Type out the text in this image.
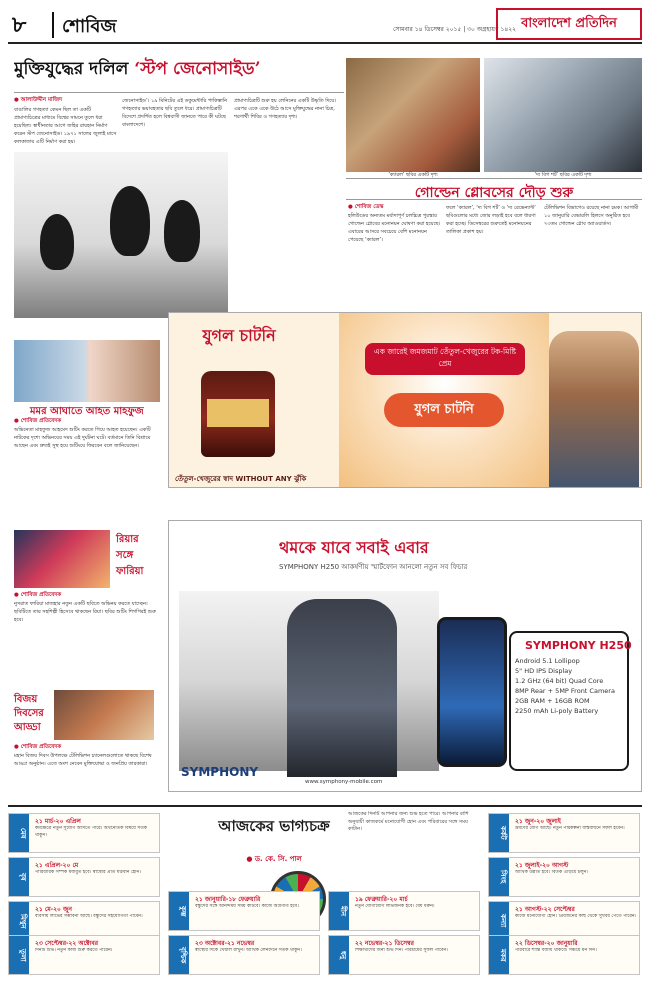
৮ শোবিজ	সোমবার ১৪ ডিসেম্বর ২০১৫ | ৩০ অগ্রহায়ণ ১৪২২ বাংলাদেশ প্রতিদিন
মুক্তিযুদ্ধের দলিল ‘স্টপ জেনোসাইড’
● আলাউদ্দীন মাজিদ
বাঙালির গণহত্যা কেমন ছিল তা একটি প্রামাণ্যচিত্রের মাধ্যমে বিশ্বের সামনে তুলে ধরা হয়েছিল। স্বাধীনতার আগে জহির রায়হান নির্মাণ করেন স্টপ জেনোসাইড। ১৯৭১ সালের জুলাই মাসে কলকাতায় এটি নির্মাণ করা হয়।
জেনোসাইড’। ১৯ মিনিটের এই ডকুমেন্টারি পাকিস্তানি গণহত্যার ভয়াবহতার ছবি তুলে ধরে। প্রামাণ্যচিত্রটি বিদেশে প্রদর্শিত হলে বিশ্ববাসী জানতে পারে কী ঘটছে বাংলাদেশে।
প্রামাণ্যচিত্রটি শুরু হয় লেনিনের একটি উদ্ধৃতি দিয়ে। এরপর একে একে উঠে আসে মুক্তিযুদ্ধের নানা চিত্র, শরণার্থী শিবির ও গণহত্যার দৃশ্য।
‘ক্যারল’ ছবির একটি দৃশ্য	‘দ্য বিগ শর্ট’ ছবির একটি দৃশ্য
গোল্ডেন গ্লোবসের দৌড় শুরু
● শোবিজ ডেস্ক
হলিউডের অন্যতম মর্যাদাপূর্ণ চলচ্চিত্র পুরস্কার গোল্ডেন গ্লোবের মনোনয়ন ঘোষণা করা হয়েছে। এবারের আসরে সবচেয়ে বেশি মনোনয়ন পেয়েছে ‘ক্যারল’।
ফলে ‘ক্যারল’, ‘দ্য বিগ শর্ট’ ও ‘দ্য রেভেন্যান্ট’ ছবিগুলোর মধ্যে জোর লড়াই হবে বলে ধারণা করা হচ্ছে। ডিসেম্বরের শুরুতেই মনোনয়নের তালিকা প্রকাশ হয়।
টেলিভিশন বিভাগেও রয়েছে নানা চমক। আগামী ১০ জানুয়ারি বেভারলি হিলসে অনুষ্ঠিত হবে ৭৩তম গোল্ডেন গ্লোব অ্যাওয়ার্ডস।
মমর আঘাতে আহত মাহফুজ
● শোবিজ প্রতিবেদক
অভিনেতা মাহফুজ আহমেদ শুটিং করতে গিয়ে আহত হয়েছেন। একটি নাটকের দৃশ্যে অভিনয়ের সময় এই দুর্ঘটনা ঘটে। বর্তমানে তিনি বিশ্রামে আছেন এবং দ্রুতই সুস্থ হয়ে শুটিংয়ে ফিরবেন বলে জানিয়েছেন।
রিয়ার
সঙ্গে
ফারিয়া
● শোবিজ প্রতিবেদক
নুসরাত ফারিয়া মাজহার নতুন একটি ছবিতে অভিনয় করতে যাচ্ছেন। ছবিটিতে তার সহশিল্পী হিসেবে থাকছেন রিয়া। ছবির শুটিং শিগগিরই শুরু হবে।
বিজয়
দিবসের
আড্ডা
● শোবিজ প্রতিবেদক
মহান বিজয় দিবস উপলক্ষে টেলিভিশন চ্যানেলগুলোতে থাকছে বিশেষ আড্ডা অনুষ্ঠান। এতে অংশ নেবেন মুক্তিযোদ্ধা ও জনপ্রিয় তারকারা।
যুগল চাটনি
এক জারেই জমজমাট তেঁতুল-খেজুরের টক-মিষ্টি প্রেম
যুগল চাটনি
তেঁতুল-খেজুরের স্বাদ WITHOUT ANY ঝুঁকি
থমকে যাবে সবাই এবার
SYMPHONY H250 আকর্ষণীয় স্মার্টফোন আনলো নতুন সব ফিচার
SYMPHONY H250
Android 5.1 Lollipop
5" HD IPS Display
1.2 GHz (64 bit) Quad Core
8MP Rear + 5MP Front Camera
2GB RAM + 16GB ROM
2250 mAh Li-poly Battery
SYMPHONY
www.symphony-mobile.com
আজকের ভাগ্যচক্র
● ড. কে. সি. পাল
আজকের দিনটি আপনার জন্য শুভ হতে পারে। আপনার রাশি অনুযায়ী কাজকর্মে মনোযোগী হোন এবং পরিবারের সঙ্গে সময় কাটান।
মেষ
২১ মার্চ-২০ এপ্রিল
কর্মক্ষেত্রে নতুন সুযোগ আসতে পারে। অর্থনৈতিক বিষয়ে সতর্ক থাকুন।
বৃষ
২১ এপ্রিল-২০ মে
পারিবারিক সম্পর্ক মজবুত হবে। স্বাস্থ্যের প্রতি যত্নবান হোন।
মিথুন
২১ মে-২০ জুন
ব্যবসায় লাভের সম্ভাবনা আছে। বন্ধুদের সহযোগিতা পাবেন।
কর্কট
২১ জুন-২০ জুলাই
ভ্রমণের যোগ আছে। নতুন পরিকল্পনা বাস্তবায়নে সফল হবেন।
সিংহ
২১ জুলাই-২০ আগস্ট
আর্থিক উন্নতি হবে। বিতর্ক এড়িয়ে চলুন।
কন্যা
২১ আগস্ট-২২ সেপ্টেম্বর
কাজে মনোযোগী হোন। প্রিয়জনের কাছ থেকে সুখবর পেতে পারেন।
তুলা
২৩ সেপ্টেম্বর-২২ অক্টোবর
দিনটি শুভ। নতুন কাজ শুরু করতে পারেন।	বৃশ্চিক
২৩ অক্টোবর-২১ নভেম্বর
স্বাস্থ্যের দিকে খেয়াল রাখুন। আর্থিক লেনদেনে সতর্ক থাকুন।
ধনু
২২ নভেম্বর-২১ ডিসেম্বর
শিক্ষার্থীদের জন্য শুভ দিন। পরিশ্রমের সুফল পাবেন।	মকর
২২ ডিসেম্বর-২০ জানুয়ারি
পরিবারে শান্তি বজায় থাকবে। সঞ্চয়ে মন দিন।
কুম্ভ
২১ জানুয়ারি-১৮ ফেব্রুয়ারি
বন্ধুদের সঙ্গে আনন্দময় সময় কাটবে। কাজে অগ্রগতি হবে।	মীন
১৯ ফেব্রুয়ারি-২০ মার্চ
নতুন যোগাযোগ লাভজনক হবে। ধৈর্য ধরুন।
